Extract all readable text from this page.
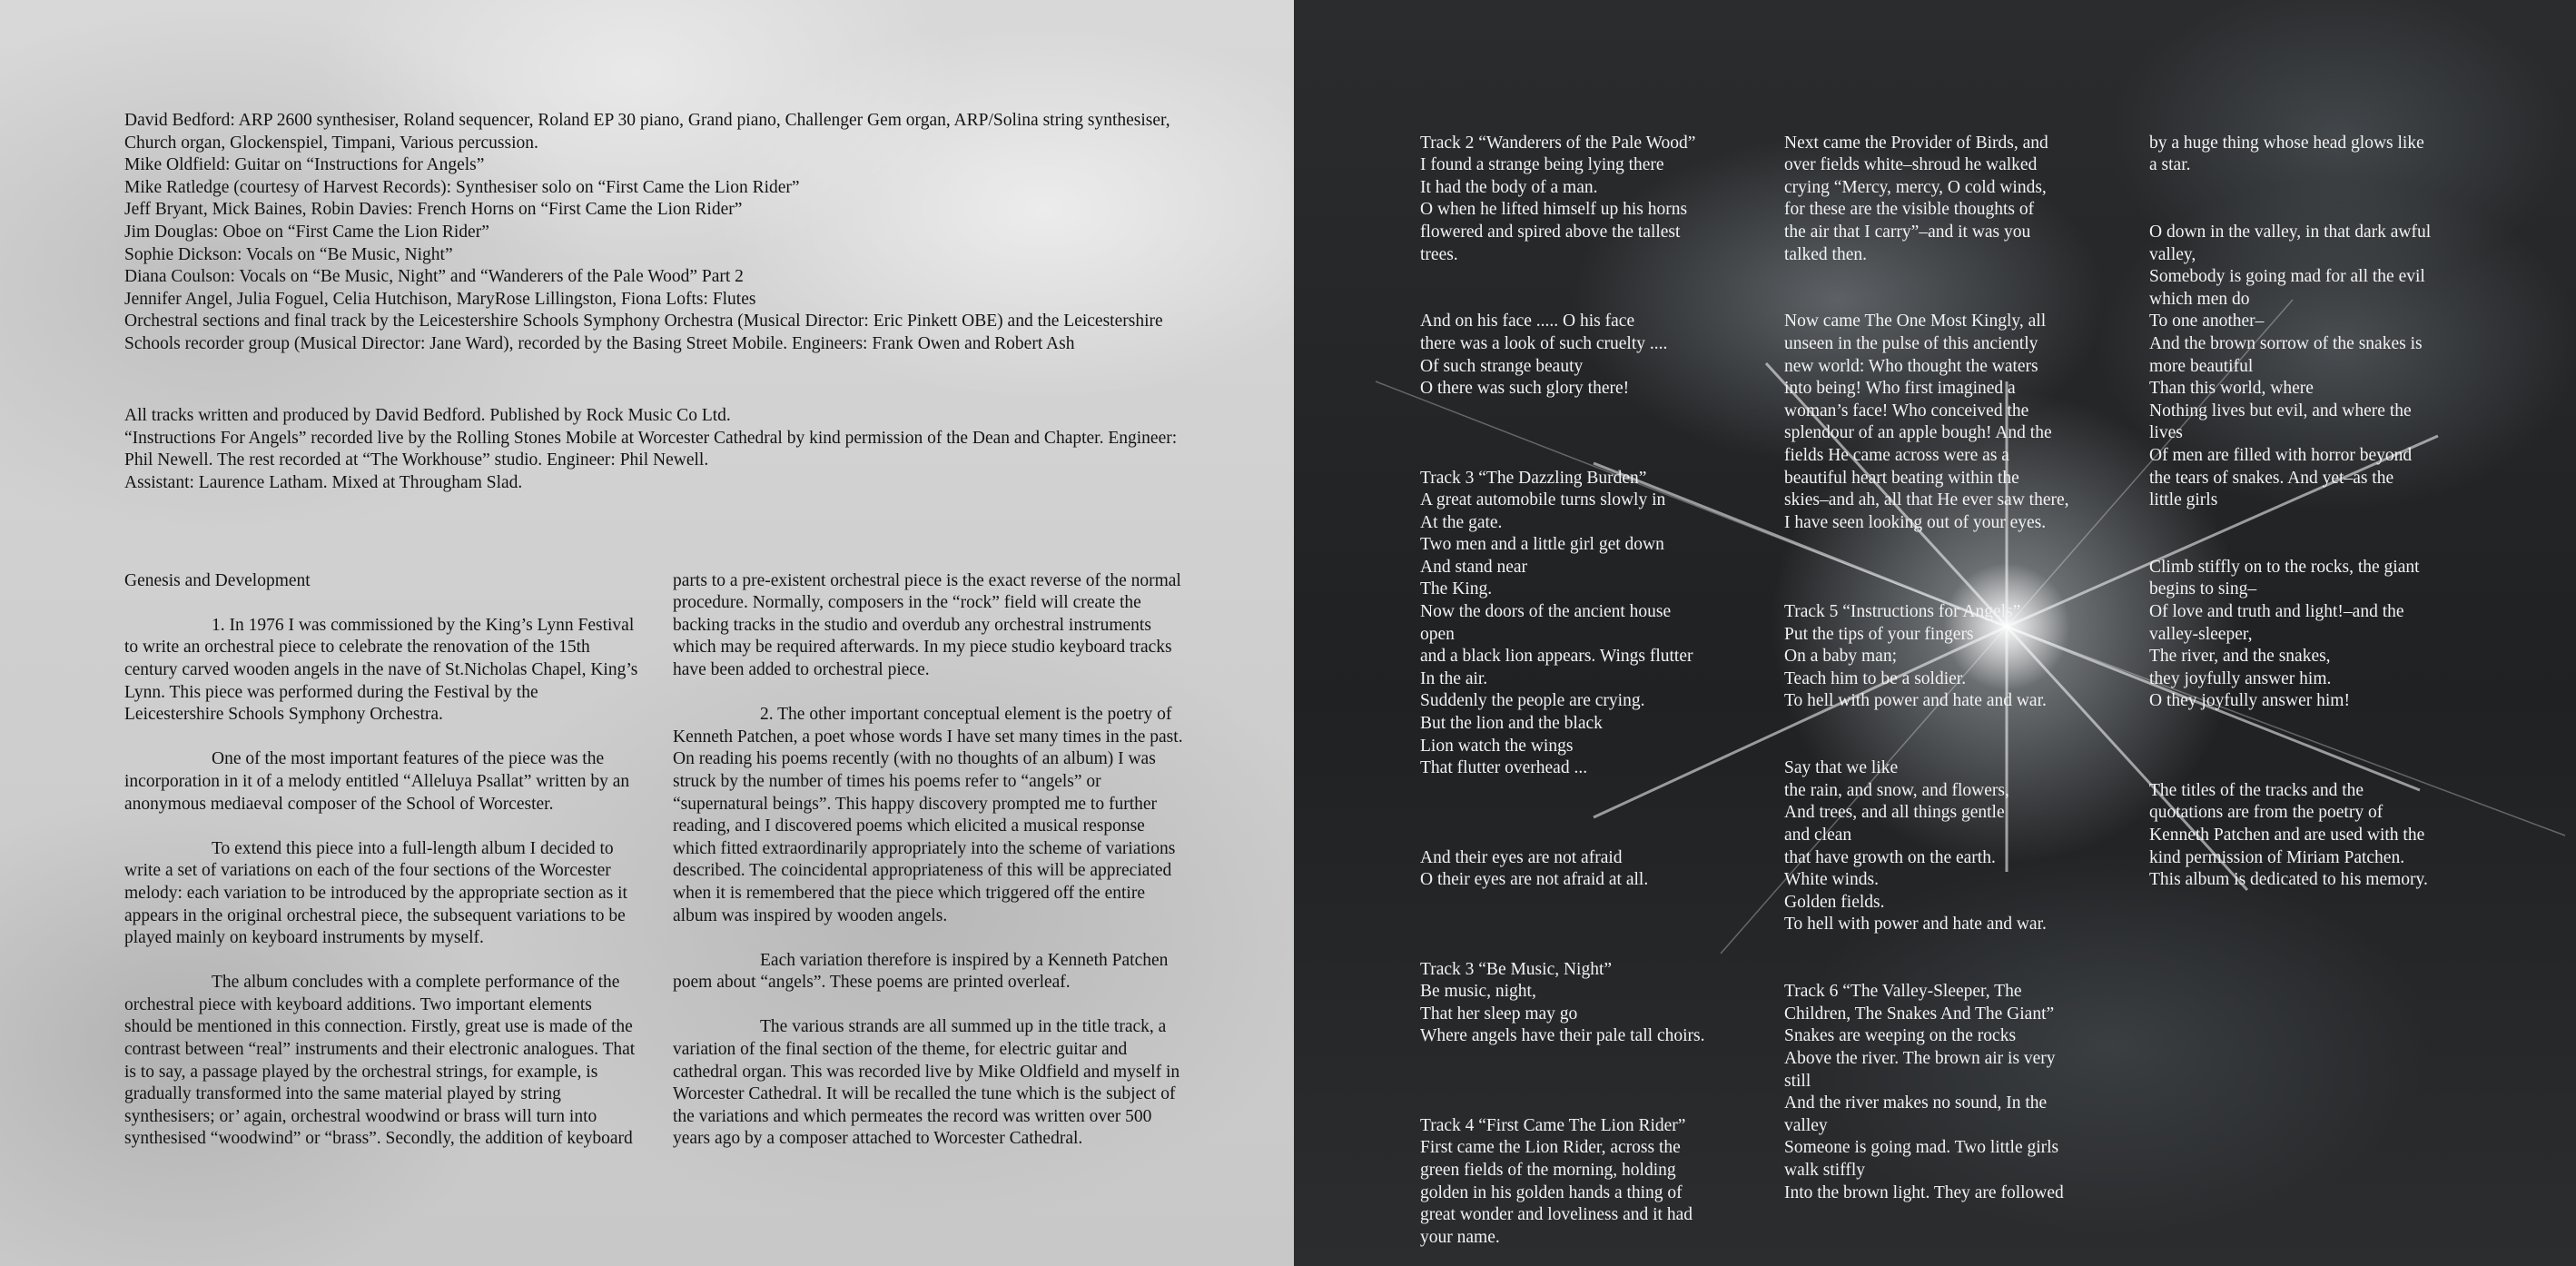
David Bedford: ARP 2600 synthesiser, Roland sequencer, Roland EP 30 piano, Grand piano, Challenger Gem organ, ARP/Solina string synthesiser, Church organ, Glockenspiel, Timpani, Various percussion.
Mike Oldfield: Guitar on “Instructions for Angels”
Mike Ratledge (courtesy of Harvest Records): Synthesiser solo on “First Came the Lion Rider”
Jeff Bryant, Mick Baines, Robin Davies: French Horns on “First Came the Lion Rider”
Jim Douglas: Oboe on “First Came the Lion Rider”
Sophie Dickson: Vocals on “Be Music, Night”
Diana Coulson: Vocals on “Be Music, Night” and “Wanderers of the Pale Wood” Part 2
Jennifer Angel, Julia Foguel, Celia Hutchison, MaryRose Lillingston, Fiona Lofts: Flutes
Orchestral sections and final track by the Leicestershire Schools Symphony Orchestra (Musical Director: Eric Pinkett OBE) and the Leicestershire Schools recorder group (Musical Director: Jane Ward), recorded by the Basing Street Mobile. Engineers: Frank Owen and Robert Ash
All tracks written and produced by David Bedford. Published by Rock Music Co Ltd.
“Instructions For Angels” recorded live by the Rolling Stones Mobile at Worcester Cathedral by kind permission of the Dean and Chapter. Engineer: Phil Newell. The rest recorded at “The Workhouse” studio. Engineer: Phil Newell.
Assistant: Laurence Latham. Mixed at Througham Slad.

Genesis and Development

1. In 1976 I was commissioned by the King’s Lynn Festival to write an orchestral piece to celebrate the renovation of the 15th century carved wooden angels in the nave of St.Nicholas Chapel, King’s Lynn. This piece was performed during the Festival by the Leicestershire Schools Symphony Orchestra.

One of the most important features of the piece was the incorporation in it of a melody entitled “Alleluya Psallat” written by an anonymous mediaeval composer of the School of Worcester.

To extend this piece into a full-length album I decided to write a set of variations on each of the four sections of the Worcester melody: each variation to be introduced by the appropriate section as it appears in the original orchestral piece, the subsequent variations to be played mainly on keyboard instruments by myself.

The album concludes with a complete performance of the orchestral piece with keyboard additions. Two important elements should be mentioned in this connection. Firstly, great use is made of the contrast between “real” instruments and their electronic analogues. That is to say, a passage played by the orchestral strings, for example, is gradually transformed into the same material played by string synthesisers; or’ again, orchestral woodwind or brass will turn into synthesised “woodwind” or “brass”. Secondly, the addition of keyboard

parts to a pre-existent orchestral piece is the exact reverse of the normal procedure. Normally, composers in the “rock” field will create the backing tracks in the studio and overdub any orchestral instruments which may be required afterwards. In my piece studio keyboard tracks have been added to orchestral piece.

2. The other important conceptual element is the poetry of Kenneth Patchen, a poet whose words I have set many times in the past. On reading his poems recently (with no thoughts of an album) I was struck by the number of times his poems refer to “angels” or “supernatural beings”. This happy discovery prompted me to further reading, and I discovered poems which elicited a musical response which fitted extraordinarily appropriately into the scheme of variations described. The coincidental appropriateness of this will be appreciated when it is remembered that the piece which triggered off the entire album was inspired by wooden angels.

Each variation therefore is inspired by a Kenneth Patchen poem about “angels”. These poems are printed overleaf.

The various strands are all summed up in the title track, a variation of the final section of the theme, for electric guitar and cathedral organ. This was recorded live by Mike Oldfield and myself in Worcester Cathedral. It will be recalled the tune which is the subject of the variations and which permeates the record was written over 500 years ago by a composer attached to Worcester Cathedral.

Track 2 “Wanderers of the Pale Wood”
I found a strange being lying there
It had the body of a man.
O when he lifted himself up his horns
flowered and spired above the tallest
trees.

And on his face ..... O his face
there was a look of such cruelty ....
Of such strange beauty
O there was such glory there!

Track 3 “The Dazzling Burden”
A great automobile turns slowly in
At the gate.
Two men and a little girl get down
And stand near
The King.
Now the doors of the ancient house
open
and a black lion appears. Wings flutter
In the air.
Suddenly the people are crying.
But the lion and the black
Lion watch the wings
That flutter overhead ...

And their eyes are not afraid
O their eyes are not afraid at all.

Track 3 “Be Music, Night”
Be music, night,
That her sleep may go
Where angels have their pale tall choirs.

Track 4 “First Came The Lion Rider”
First came the Lion Rider, across the
green fields of the morning, holding
golden in his golden hands a thing of
great wonder and loveliness and it had
your name.

Next came the Provider of Birds, and
over fields white–shroud he walked
crying “Mercy, mercy, O cold winds,
for these are the visible thoughts of
the air that I carry”–and it was you
talked then.

Now came The One Most Kingly, all
unseen in the pulse of this anciently
new world: Who thought the waters
into being! Who first imagined a
woman’s face! Who conceived the
splendour of an apple bough! And the
fields He came across were as a
beautiful heart beating within the
skies–and ah, all that He ever saw there,
I have seen looking out of your eyes.

Track 5 “Instructions for Angels”
Put the tips of your fingers
On a baby man;
Teach him to be a soldier.
To hell with power and hate and war.

Say that we like
the rain, and snow, and flowers,
And trees, and all things gentle
and clean
that have growth on the earth.
White winds.
Golden fields.
To hell with power and hate and war.

Track 6 “The Valley-Sleeper, The
Children, The Snakes And The Giant”
Snakes are weeping on the rocks
Above the river. The brown air is very
still
And the river makes no sound, In the
valley
Someone is going mad. Two little girls
walk stiffly
Into the brown light. They are followed

by a huge thing whose head glows like
a star.

O down in the valley, in that dark awful
valley,
Somebody is going mad for all the evil
which men do
To one another–
And the brown sorrow of the snakes is
more beautiful
Than this world, where
Nothing lives but evil, and where the
lives
Of men are filled with horror beyond
the tears of snakes. And yet–as the
little girls

Climb stiffly on to the rocks, the giant
begins to sing–
Of love and truth and light!–and the
valley-sleeper,
The river, and the snakes,
they joyfully answer him.
O they joyfully answer him!

The titles of the tracks and the
quotations are from the poetry of
Kenneth Patchen and are used with the
kind permission of Miriam Patchen.
This album is dedicated to his memory.
